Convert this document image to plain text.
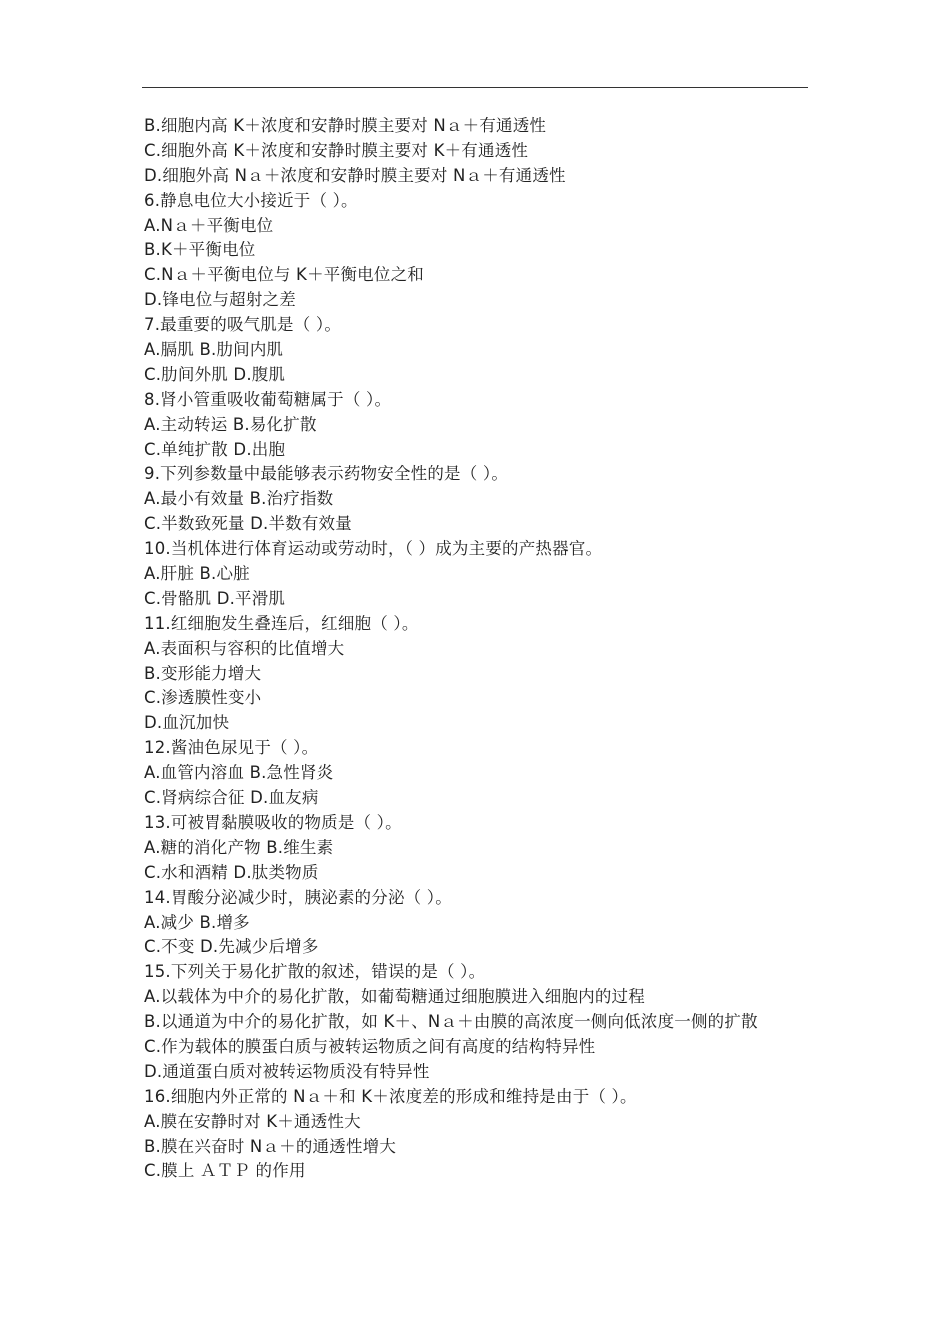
B.细胞内高 K＋浓度和安静时膜主要对 Nａ＋有通透性
C.细胞外高 K＋浓度和安静时膜主要对 K＋有通透性
D.细胞外高 Nａ＋浓度和安静时膜主要对 Nａ＋有通透性
6.静息电位大小接近于（ ）。
A.Nａ＋平衡电位
B.K＋平衡电位
C.Nａ＋平衡电位与 K＋平衡电位之和
D.锋电位与超射之差
7.最重要的吸气肌是（ ）。
A.膈肌 B.肋间内肌
C.肋间外肌 D.腹肌
8.肾小管重吸收葡萄糖属于（ ）。
A.主动转运 B.易化扩散
C.单纯扩散 D.出胞
9.下列参数量中最能够表示药物安全性的是（ ）。
A.最小有效量 B.治疗指数
C.半数致死量 D.半数有效量
10.当机体进行体育运动或劳动时，（ ）成为主要的产热器官。
A.肝脏 B.心脏
C.骨骼肌 D.平滑肌
11.红细胞发生叠连后，红细胞（ ）。
A.表面积与容积的比值增大
B.变形能力增大
C.渗透膜性变小
D.血沉加快
12.酱油色尿见于（ ）。
A.血管内溶血 B.急性肾炎
C.肾病综合征 D.血友病
13.可被胃黏膜吸收的物质是（ ）。
A.糖的消化产物 B.维生素
C.水和酒精 D.肽类物质
14.胃酸分泌减少时，胰泌素的分泌（ ）。
A.减少 B.增多
C.不变 D.先减少后增多
15.下列关于易化扩散的叙述，错误的是（ ）。
A.以载体为中介的易化扩散，如葡萄糖通过细胞膜进入细胞内的过程
B.以通道为中介的易化扩散，如 K＋、Nａ＋由膜的高浓度一侧向低浓度一侧的扩散
C.作为载体的膜蛋白质与被转运物质之间有高度的结构特异性
D.通道蛋白质对被转运物质没有特异性
16.细胞内外正常的 Nａ＋和 K＋浓度差的形成和维持是由于（ ）。
A.膜在安静时对 K＋通透性大
B.膜在兴奋时 Nａ＋的通透性增大
C.膜上 ＡＴＰ 的作用
